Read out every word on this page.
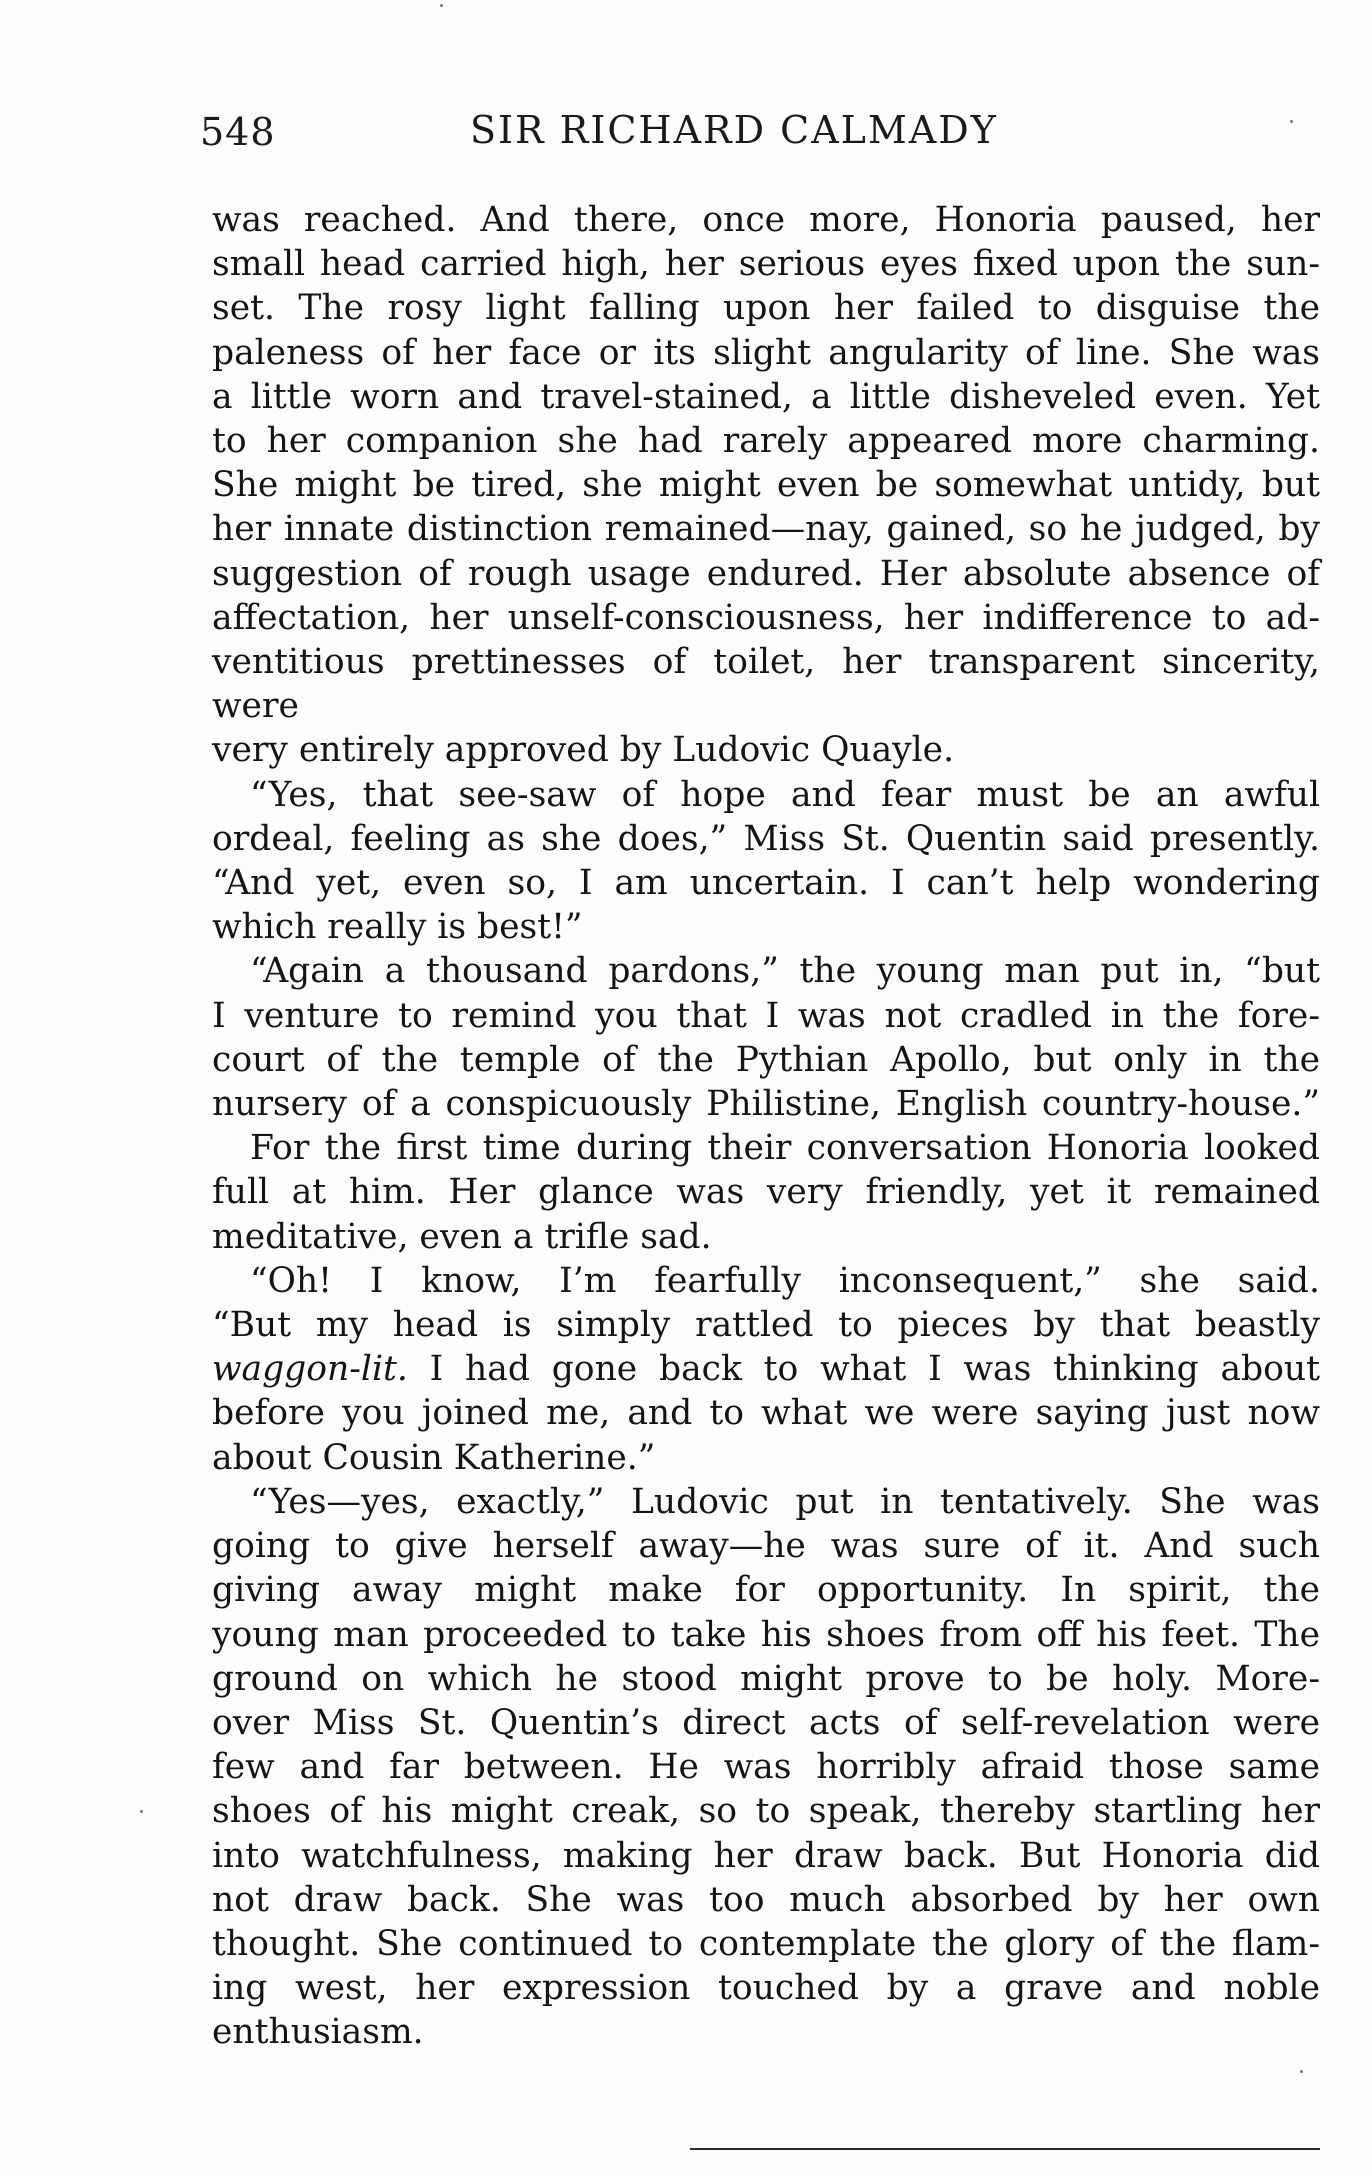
548	SIR RICHARD CALMADY

was reached. And there, once more, Honoria paused, her

small head carried high, her serious eyes fixed upon the sun-

set. The rosy light falling upon her failed to disguise the

paleness of her face or its slight angularity of line. She was

a little worn and travel-stained, a little disheveled even. Yet

to her companion she had rarely appeared more charming.

She might be tired, she might even be somewhat untidy, but

her innate distinction remained—nay, gained, so he judged, by

suggestion of rough usage endured. Her absolute absence of

affectation, her unself-consciousness, her indifference to ad-

ventitious prettinesses of toilet, her transparent sincerity, were

very entirely approved by Ludovic Quayle.

“Yes, that see-saw of hope and fear must be an awful

ordeal, feeling as she does,” Miss St. Quentin said presently.

“And yet, even so, I am uncertain. I can’t help wondering

which really is best!”

“Again a thousand pardons,” the young man put in, “but

I venture to remind you that I was not cradled in the fore-

court of the temple of the Pythian Apollo, but only in the

nursery of a conspicuously Philistine, English country-house.”

For the first time during their conversation Honoria looked

full at him. Her glance was very friendly, yet it remained

meditative, even a trifle sad.

“Oh! I know, I’m fearfully inconsequent,” she said.

“But my head is simply rattled to pieces by that beastly

waggon-lit. I had gone back to what I was thinking about

before you joined me, and to what we were saying just now

about Cousin Katherine.”

“Yes—yes, exactly,” Ludovic put in tentatively. She was

going to give herself away—he was sure of it. And such

giving away might make for opportunity. In spirit, the

young man proceeded to take his shoes from off his feet. The

ground on which he stood might prove to be holy. More-

over Miss St. Quentin’s direct acts of self-revelation were

few and far between. He was horribly afraid those same

shoes of his might creak, so to speak, thereby startling her

into watchfulness, making her draw back. But Honoria did

not draw back. She was too much absorbed by her own

thought. She continued to contemplate the glory of the flam-

ing west, her expression touched by a grave and noble

enthusiasm.
